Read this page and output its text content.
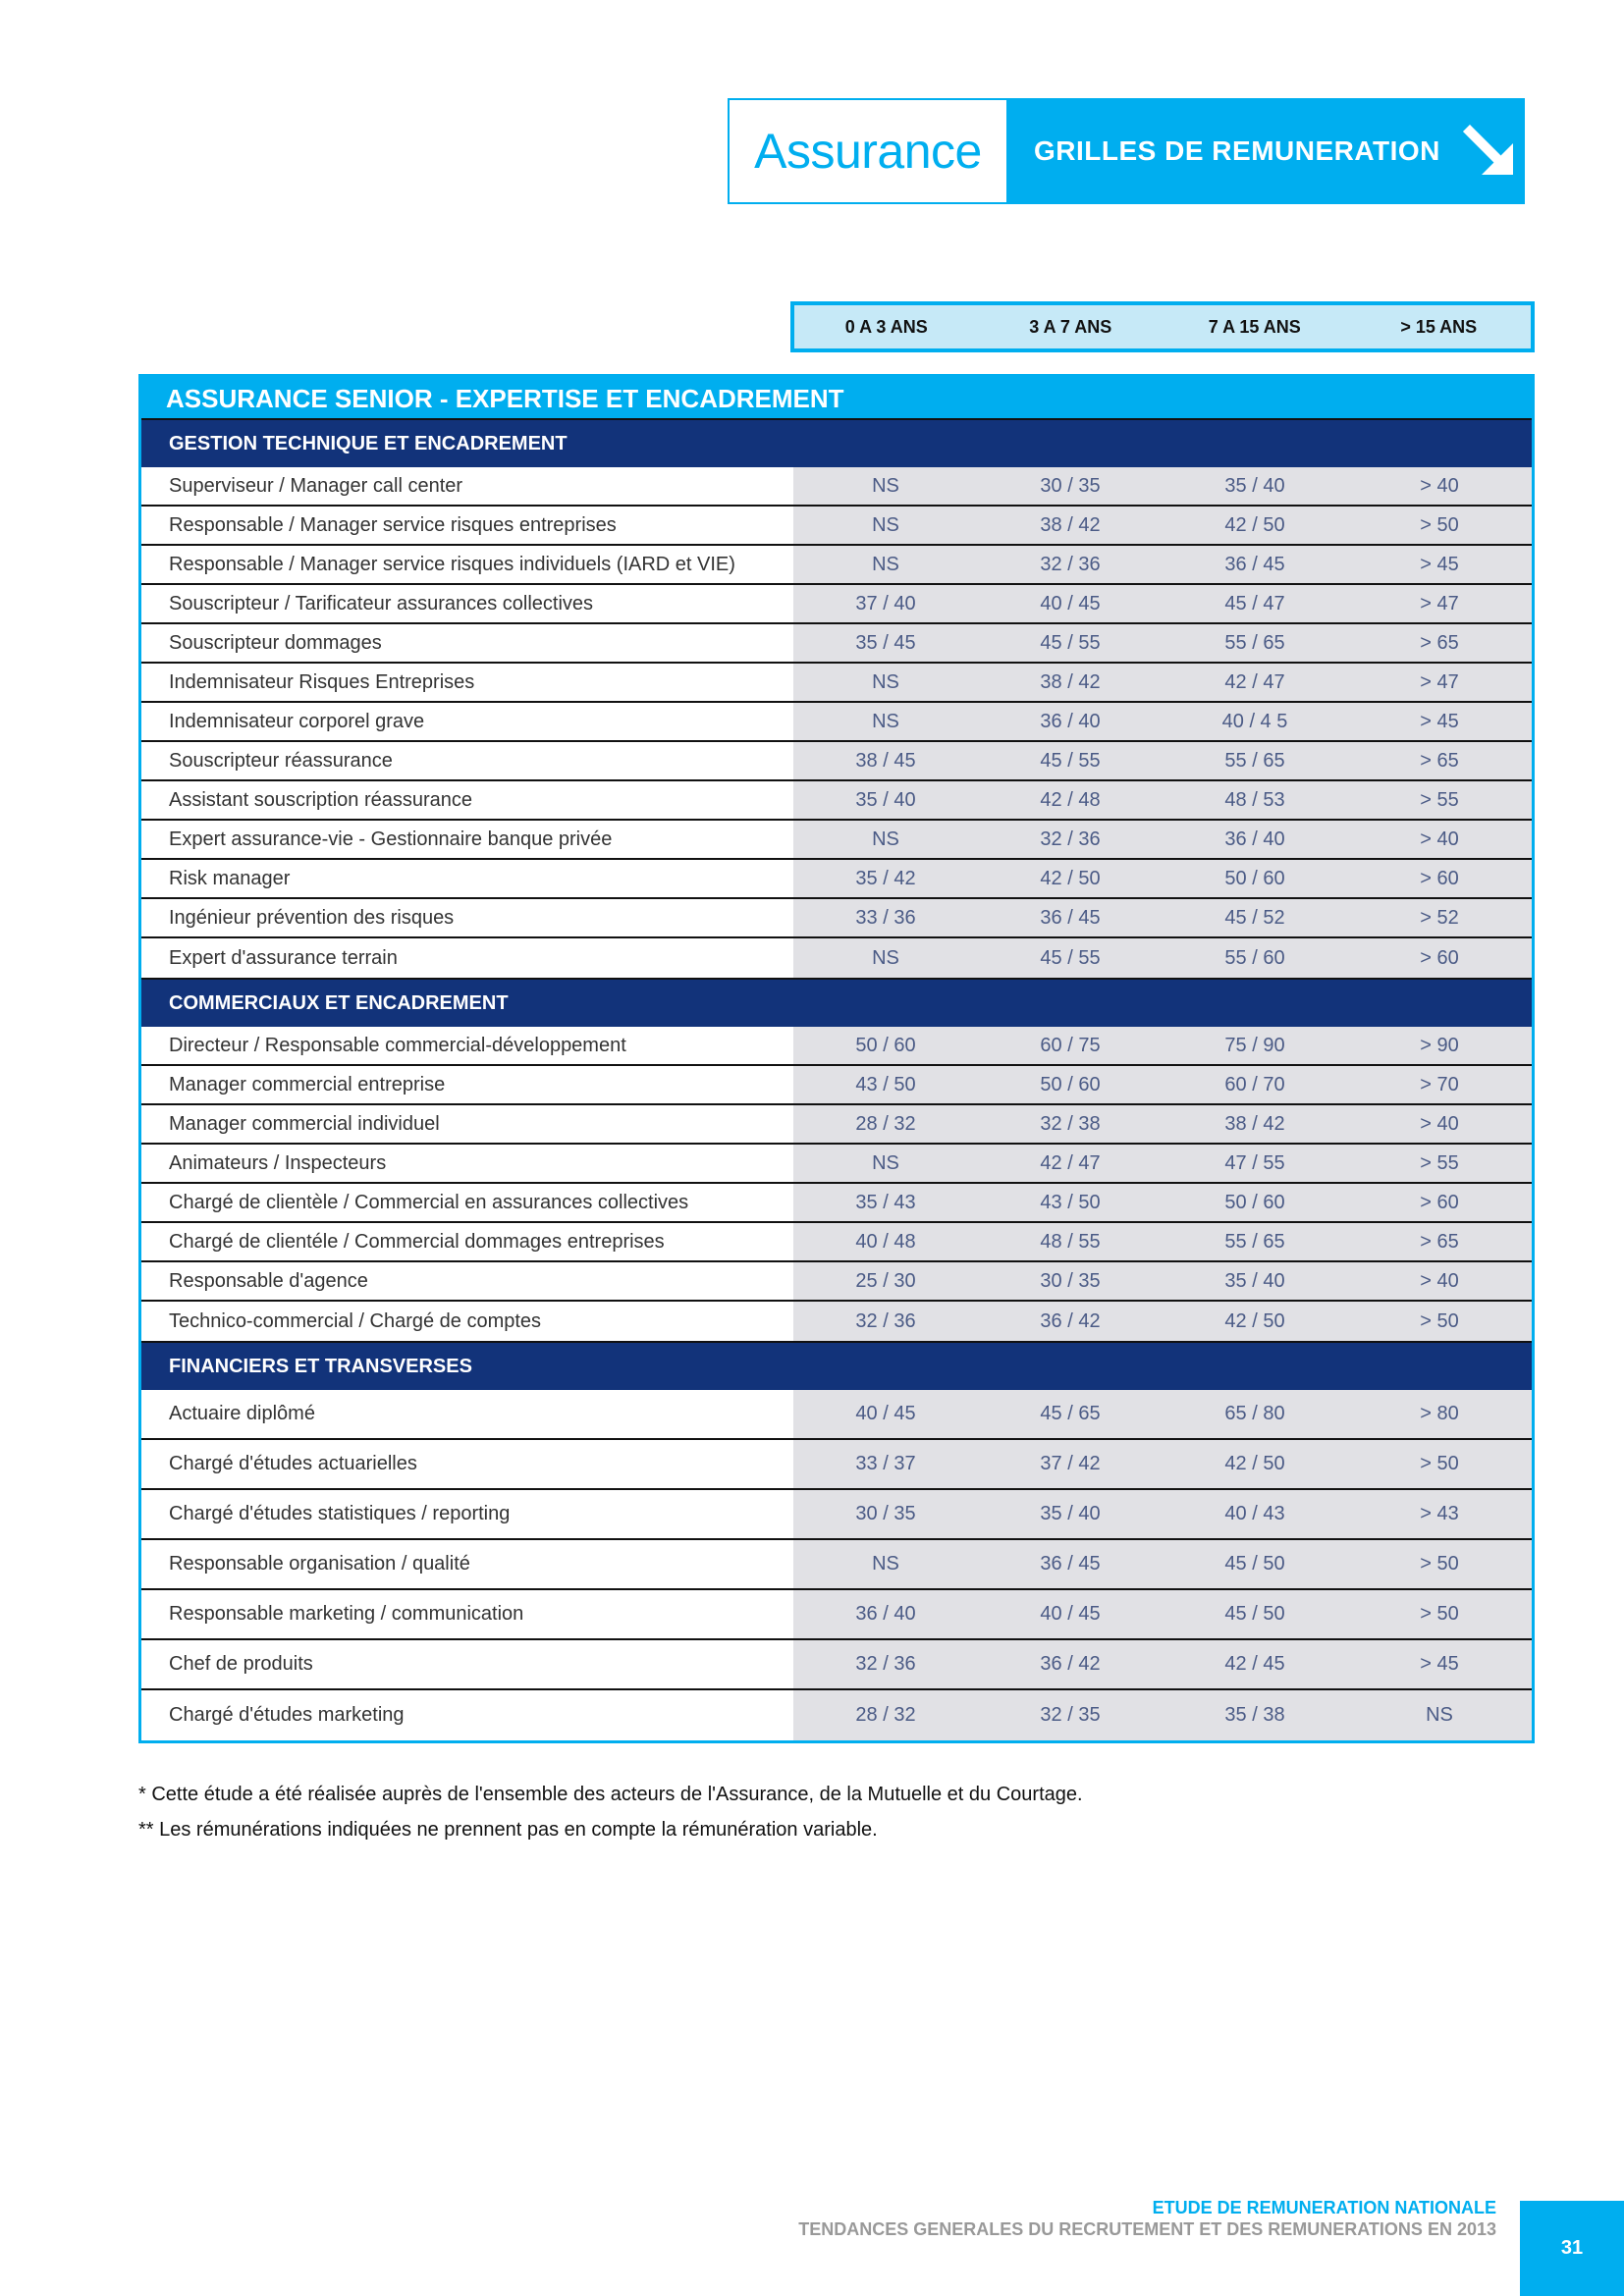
Assurance	GRILLES DE REMUNERATION
0 A 3 ANS	3 A 7 ANS	7 A 15 ANS	> 15 ANS
ASSURANCE SENIOR - EXPERTISE ET ENCADREMENT
GESTION TECHNIQUE ET ENCADREMENT
Superviseur / Manager call center	NS	30 / 35	35 / 40	> 40
Responsable / Manager service risques entreprises	NS	38 / 42	42 / 50	> 50
Responsable / Manager service risques individuels (IARD et VIE)	NS	32 / 36	36 / 45	> 45
Souscripteur / Tarificateur assurances collectives	37 / 40	40 / 45	45 / 47	> 47
Souscripteur dommages	35 / 45	45 / 55	55 / 65	> 65
Indemnisateur Risques Entreprises	NS	38 / 42	42 / 47	> 47
Indemnisateur corporel grave	NS	36 / 40	40 / 4 5	> 45
Souscripteur réassurance	38 / 45	45 / 55	55 / 65	> 65
Assistant souscription réassurance	35 / 40	42 / 48	48 / 53	> 55
Expert assurance-vie - Gestionnaire banque privée	NS	32 / 36	36 / 40	> 40
Risk manager	35 / 42	42 / 50	50 / 60	> 60
Ingénieur prévention des risques	33 / 36	36 / 45	45 / 52	> 52
Expert d'assurance terrain	NS	45 / 55	55 / 60	> 60
COMMERCIAUX ET ENCADREMENT
Directeur / Responsable commercial-développement	50 / 60	60 / 75	75 / 90	> 90
Manager commercial entreprise	43 / 50	50 / 60	60 / 70	> 70
Manager commercial individuel	28 / 32	32 / 38	38 / 42	> 40
Animateurs / Inspecteurs	NS	42 / 47	47 / 55	> 55
Chargé de clientèle / Commercial en assurances collectives	35 / 43	43 / 50	50 / 60	> 60
Chargé de clientéle / Commercial dommages entreprises	40 / 48	48 / 55	55 / 65	> 65
Responsable d'agence	25 / 30	30 / 35	35 / 40	> 40
Technico-commercial / Chargé de comptes	32 / 36	36 / 42	42 / 50	> 50
FINANCIERS ET TRANSVERSES
Actuaire diplômé	40 / 45	45 / 65	65 / 80	> 80
Chargé d'études actuarielles	33 / 37	37 / 42	42 / 50	> 50
Chargé d'études statistiques / reporting	30 / 35	35 / 40	40 / 43	> 43
Responsable organisation / qualité	NS	36 / 45	45 / 50	> 50
Responsable marketing / communication	36 / 40	40 / 45	45 / 50	> 50
Chef de produits	32 / 36	36 / 42	42 / 45	> 45
Chargé d'études marketing	28 / 32	32 / 35	35 / 38	NS
* Cette étude a été réalisée auprès de l'ensemble des acteurs de l'Assurance, de la Mutuelle et du Courtage.
** Les rémunérations indiquées ne prennent pas en compte la rémunération variable.
ETUDE DE REMUNERATION NATIONALE
TENDANCES GENERALES DU RECRUTEMENT ET DES REMUNERATIONS EN 2013
31
